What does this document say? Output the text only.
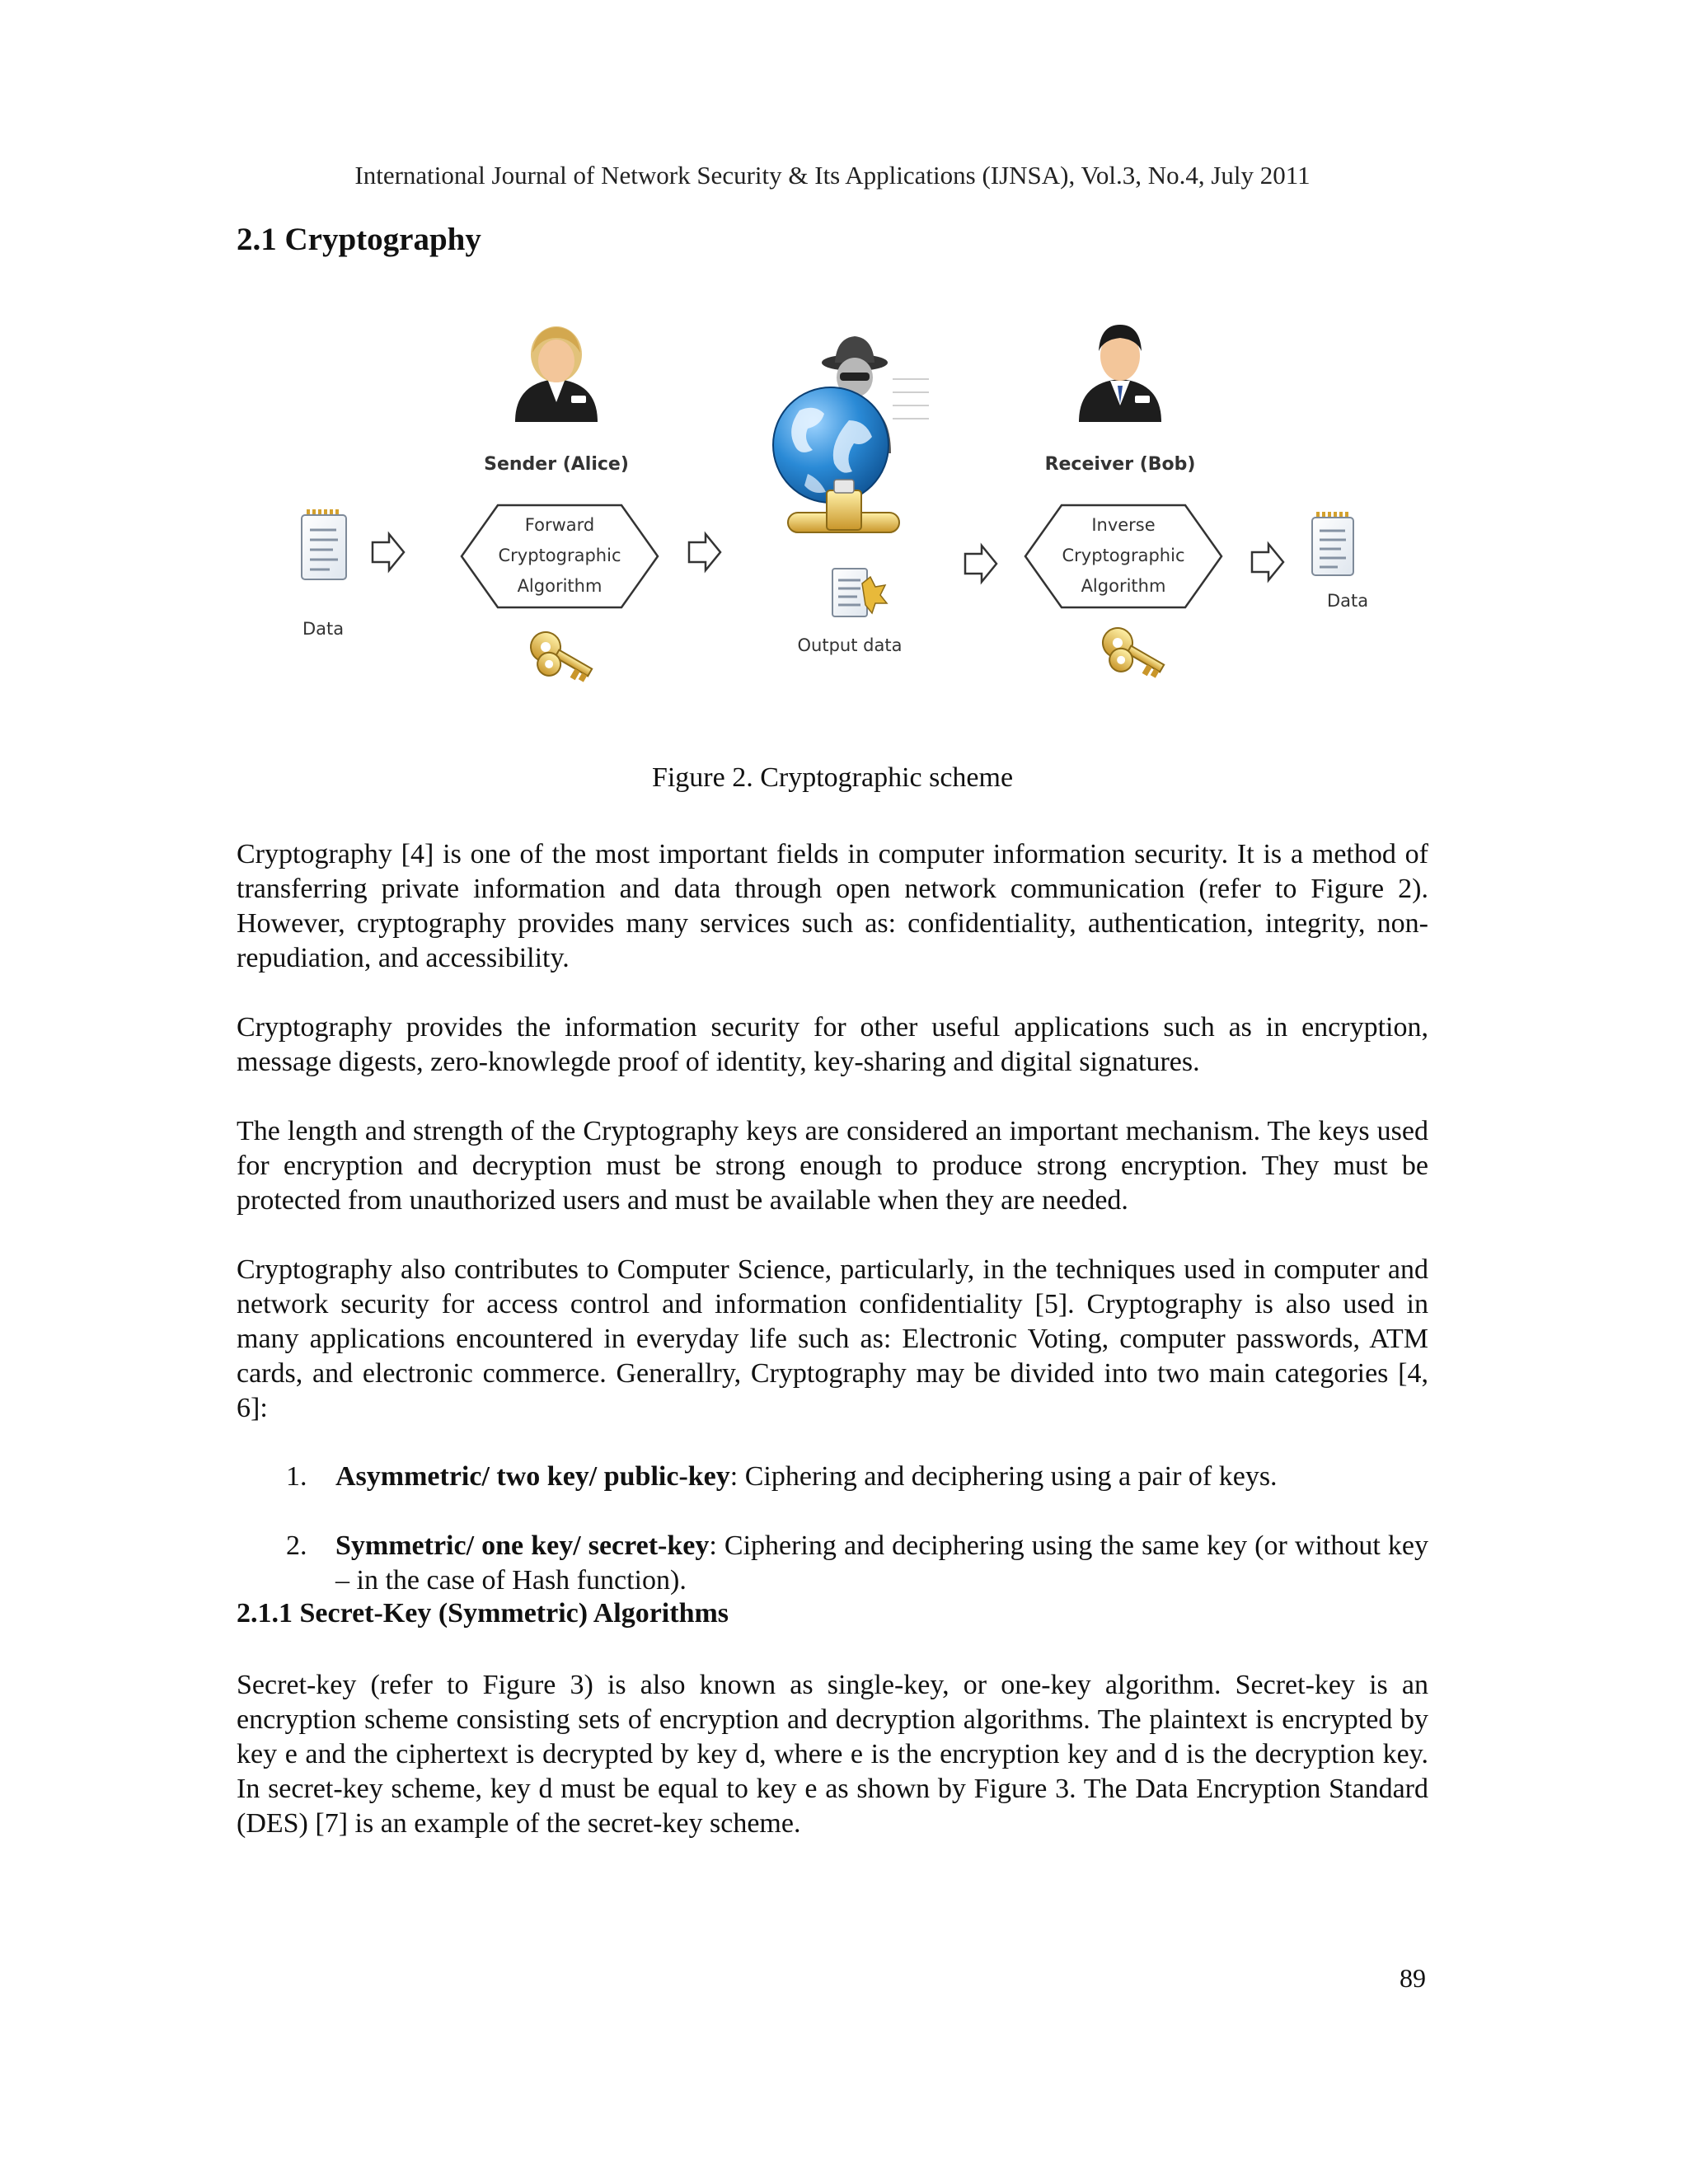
International Journal of Network Security & Its Applications (IJNSA), Vol.3, No.4, July 2011
2.1 Cryptography
Data
Sender (Alice)
Forward
Cryptographic
Algorithm
Output data
Receiver (Bob)
Inverse
Cryptographic
Algorithm
Data

Figure 2. Cryptographic scheme

Cryptography [4] is one of the most important fields in computer information security. It is a method of transferring private information and data through open network communication (refer to Figure 2). However, cryptography provides many services such as: confidentiality, authentication, integrity, non-repudiation, and accessibility.

Cryptography provides the information security for other useful applications such as in encryption, message digests, zero-knowlegde proof of identity, key-sharing and digital signatures.

The length and strength of the Cryptography keys are considered an important mechanism. The keys used for encryption and decryption must be strong enough to produce strong encryption. They must be protected from unauthorized users and must be available when they are needed.

Cryptography also contributes to Computer Science, particularly, in the techniques used in computer and network security for access control and information confidentiality [5]. Cryptography is also used in many applications encountered in everyday life such as: Electronic Voting, computer passwords, ATM cards, and electronic commerce. Generallry, Cryptography may be divided into two main categories [4, 6]:

1. Asymmetric/ two key/ public-key: Ciphering and deciphering using a pair of keys.
2. Symmetric/ one key/ secret-key: Ciphering and deciphering using the same key (or without key – in the case of Hash function).
2.1.1 Secret-Key (Symmetric) Algorithms

Secret-key (refer to Figure 3) is also known as single-key, or one-key algorithm. Secret-key is an encryption scheme consisting sets of encryption and decryption algorithms. The plaintext is encrypted by key e and the ciphertext is decrypted by key d, where e is the encryption key and d is the decryption key. In secret-key scheme, key d must be equal to key e as shown by Figure 3. The Data Encryption Standard (DES) [7] is an example of the secret-key scheme.

89
